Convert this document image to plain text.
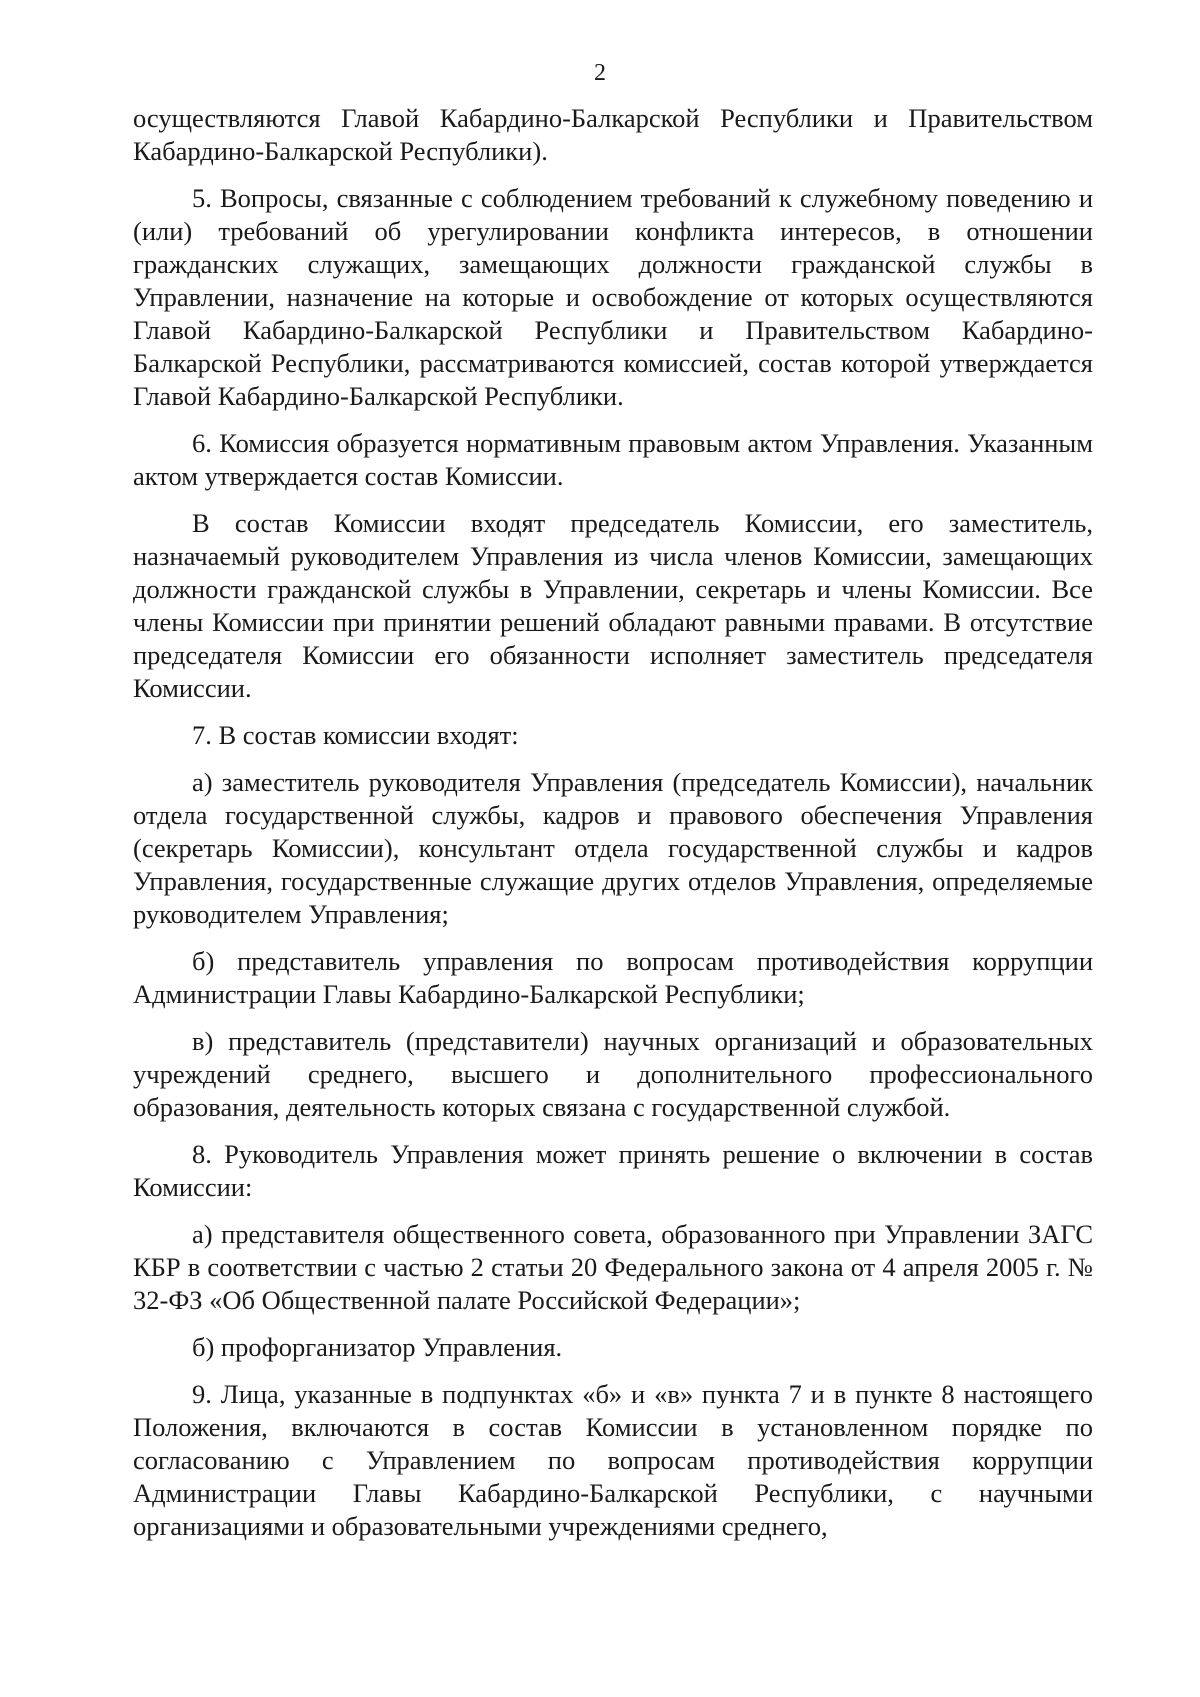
2

осуществляются Главой Кабардино-Балкарской Республики и Правительством Кабардино-Балкарской Республики).

5. Вопросы, связанные с соблюдением требований к служебному поведению и (или) требований об урегулировании конфликта интересов, в отношении гражданских служащих, замещающих должности гражданской службы в Управлении, назначение на которые и освобождение от которых осуществляются Главой Кабардино-Балкарской Республики и Правительством Кабардино-Балкарской Республики, рассматриваются комиссией, состав которой утверждается Главой Кабардино-Балкарской Республики.

6. Комиссия образуется нормативным правовым актом Управления. Указанным актом утверждается состав Комиссии.

В состав Комиссии входят председатель Комиссии, его заместитель, назначаемый руководителем Управления из числа членов Комиссии, замещающих должности гражданской службы в Управлении, секретарь и члены Комиссии. Все члены Комиссии при принятии решений обладают равными правами. В отсутствие председателя Комиссии его обязанности исполняет заместитель председателя Комиссии.

7. В состав комиссии входят:

а) заместитель руководителя Управления (председатель Комиссии), начальник отдела государственной службы, кадров и правового обеспечения Управления (секретарь Комиссии), консультант отдела государственной службы и кадров Управления, государственные служащие других отделов Управления, определяемые руководителем Управления;

б) представитель управления по вопросам противодействия коррупции Администрации Главы Кабардино-Балкарской Республики;

в) представитель (представители) научных организаций и образовательных учреждений среднего, высшего и дополнительного профессионального образования, деятельность которых связана с государственной службой.

8. Руководитель Управления может принять решение о включении в состав Комиссии:

а) представителя общественного совета, образованного при Управлении ЗАГС КБР в соответствии с частью 2 статьи 20 Федерального закона от 4 апреля 2005 г. № 32-ФЗ «Об Общественной палате Российской Федерации»;

б) профорганизатор Управления.

9. Лица, указанные в подпунктах «б» и «в» пункта 7 и в пункте 8 настоящего Положения, включаются в состав Комиссии в установленном порядке по согласованию с Управлением по вопросам противодействия коррупции Администрации Главы Кабардино-Балкарской Республики, с научными организациями и образовательными учреждениями среднего,
